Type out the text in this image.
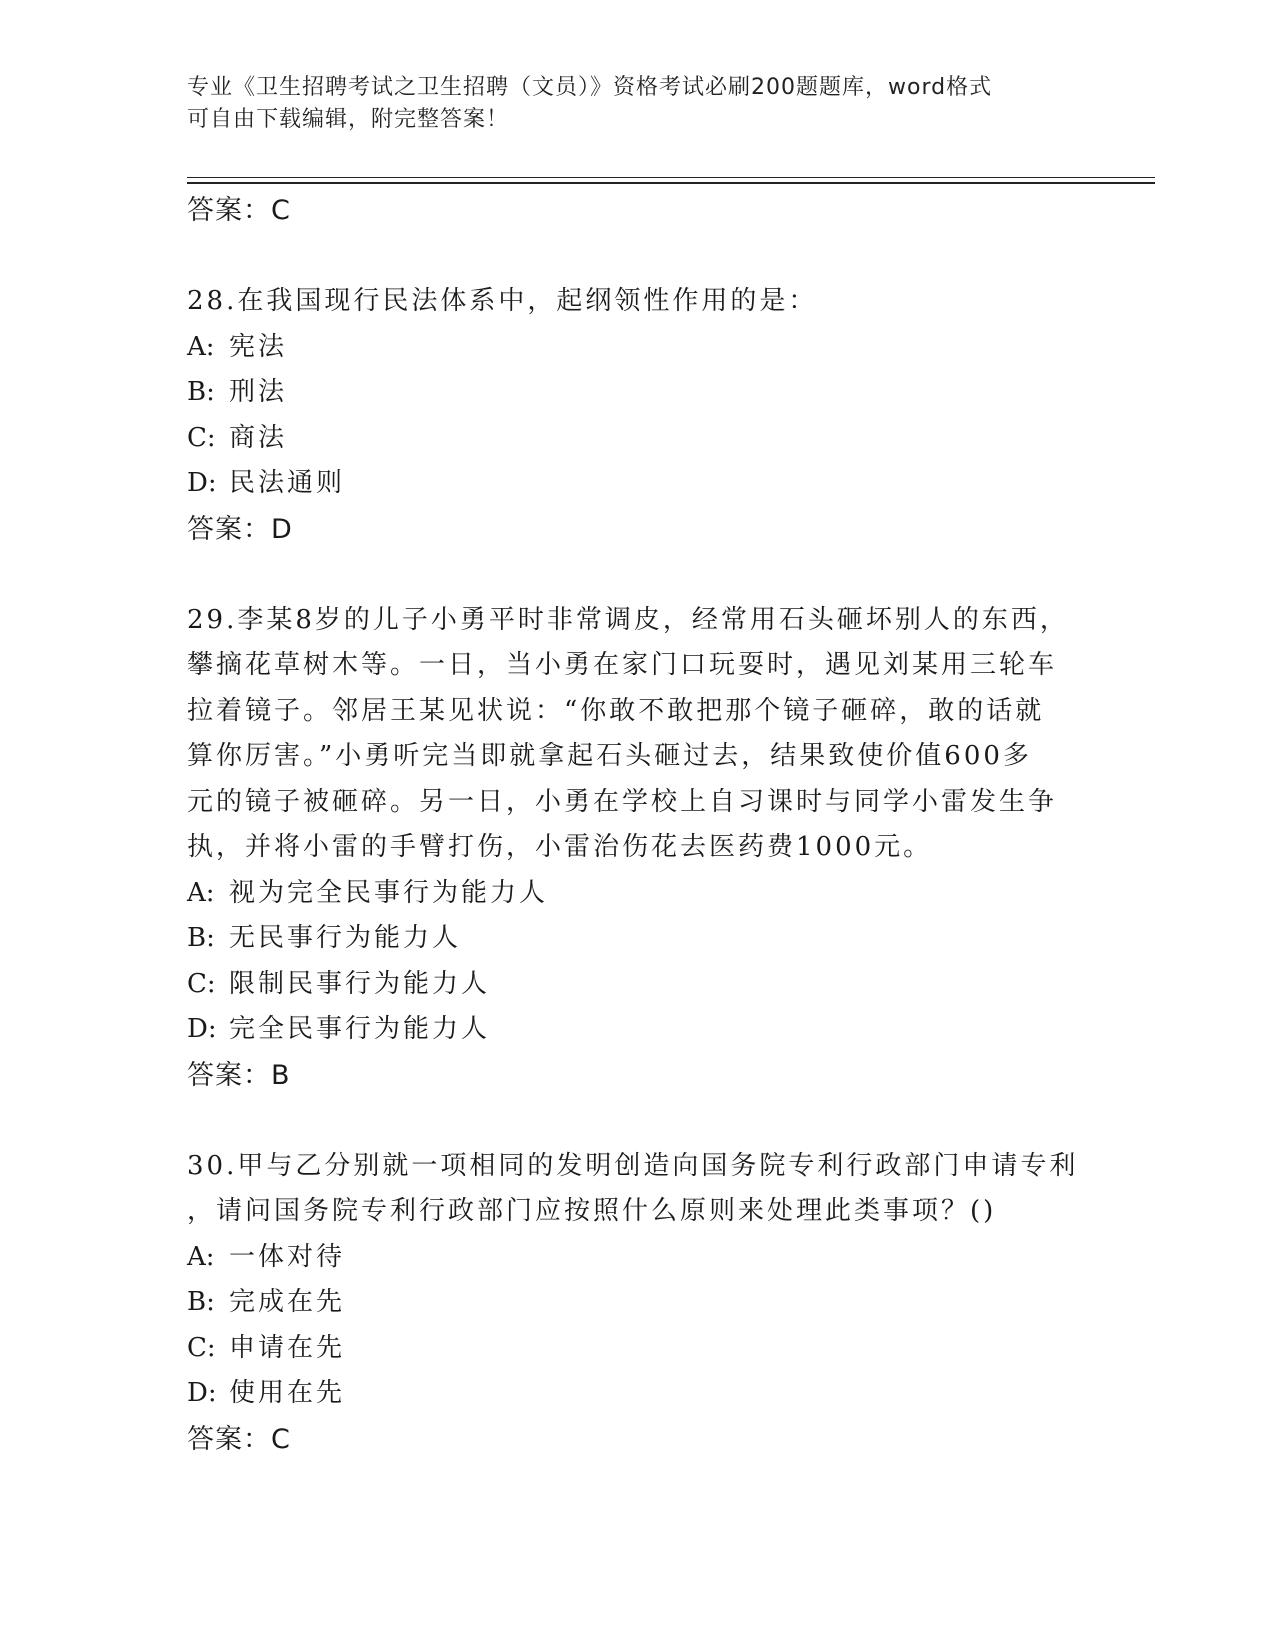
专业《卫生招聘考试之卫生招聘（文员）》资格考试必刷200题题库，word格式
可自由下载编辑，附完整答案！
答案：C
28.在我国现行民法体系中，起纲领性作用的是：
A: 宪法
B: 刑法
C: 商法
D: 民法通则
答案：D
29.李某8岁的儿子小勇平时非常调皮，经常用石头砸坏别人的东西，
攀摘花草树木等。一日，当小勇在家门口玩耍时，遇见刘某用三轮车
拉着镜子。邻居王某见状说：“你敢不敢把那个镜子砸碎，敢的话就
算你厉害。”小勇听完当即就拿起石头砸过去，结果致使价值600多
元的镜子被砸碎。另一日，小勇在学校上自习课时与同学小雷发生争
执，并将小雷的手臂打伤，小雷治伤花去医药费1000元。
A: 视为完全民事行为能力人
B: 无民事行为能力人
C: 限制民事行为能力人
D: 完全民事行为能力人
答案：B
30.甲与乙分别就一项相同的发明创造向国务院专利行政部门申请专利
，请问国务院专利行政部门应按照什么原则来处理此类事项？()
A: 一体对待
B: 完成在先
C: 申请在先
D: 使用在先
答案：C
